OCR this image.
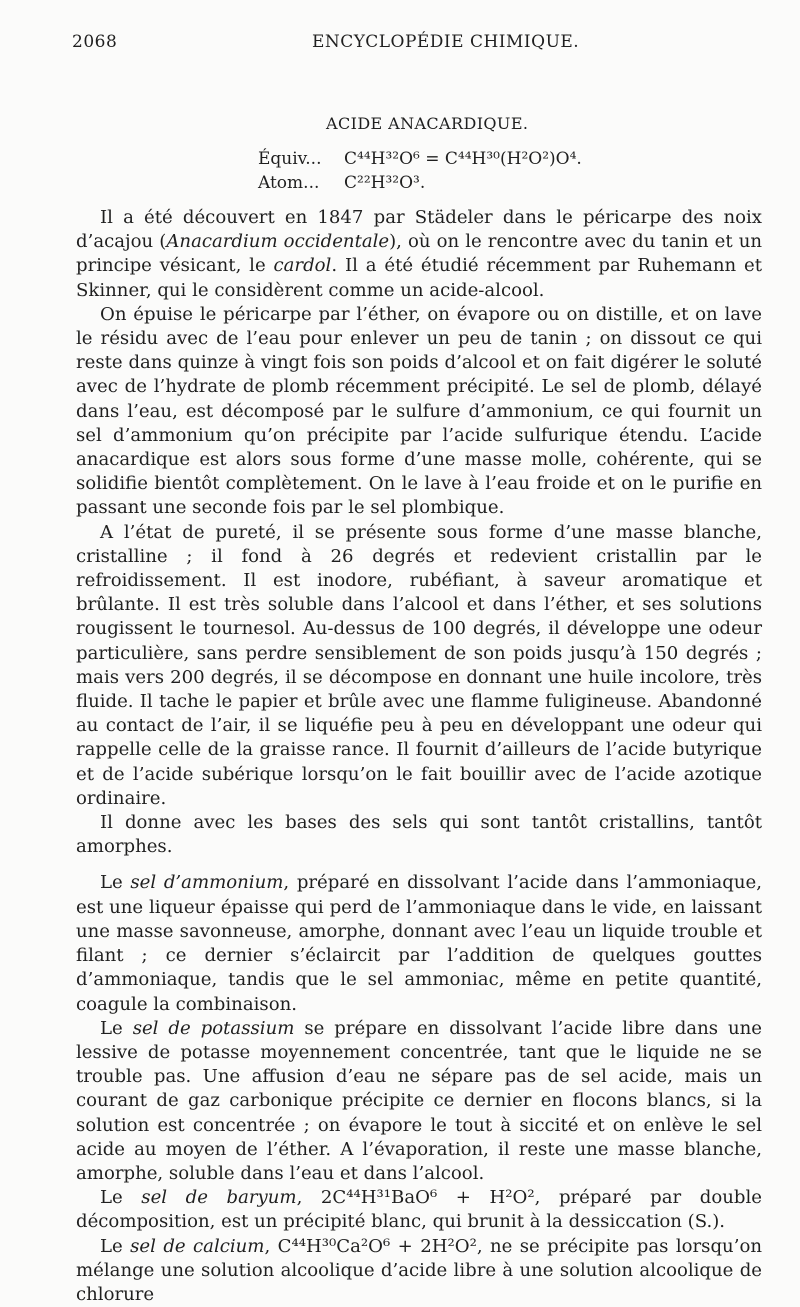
2068	ENCYCLOPÉDIE CHIMIQUE.
ACIDE ANACARDIQUE.
Équiv... C⁴⁴H³²O⁶ = C⁴⁴H³⁰(H²O²)O⁴.
Atom... C²²H³²O³.

Il a été découvert en 1847 par Städeler dans le péricarpe des noix d’acajou (Anacardium occidentale), où on le rencontre avec du tanin et un principe vésicant, le cardol. Il a été étudié récemment par Ruhemann et Skinner, qui le considèrent comme un acide-alcool.

On épuise le péricarpe par l’éther, on évapore ou on distille, et on lave le résidu avec de l’eau pour enlever un peu de tanin ; on dissout ce qui reste dans quinze à vingt fois son poids d’alcool et on fait digérer le soluté avec de l’hydrate de plomb récemment précipité. Le sel de plomb, délayé dans l’eau, est décomposé par le sulfure d’ammonium, ce qui fournit un sel d’ammonium qu’on précipite par l’acide sulfurique étendu. L’acide anacardique est alors sous forme d’une masse molle, cohérente, qui se solidifie bientôt complètement. On le lave à l’eau froide et on le purifie en passant une seconde fois par le sel plombique.

A l’état de pureté, il se présente sous forme d’une masse blanche, cristalline ; il fond à 26 degrés et redevient cristallin par le refroidissement. Il est inodore, rubéfiant, à saveur aromatique et brûlante. Il est très soluble dans l’alcool et dans l’éther, et ses solutions rougissent le tournesol. Au-dessus de 100 degrés, il développe une odeur particulière, sans perdre sensiblement de son poids jusqu’à 150 degrés ; mais vers 200 degrés, il se décompose en donnant une huile incolore, très fluide. Il tache le papier et brûle avec une flamme fuligineuse. Abandonné au contact de l’air, il se liquéfie peu à peu en développant une odeur qui rappelle celle de la graisse rance. Il fournit d’ailleurs de l’acide butyrique et de l’acide subérique lorsqu’on le fait bouillir avec de l’acide azotique ordinaire.

Il donne avec les bases des sels qui sont tantôt cristallins, tantôt amorphes.

Le sel d’ammonium, préparé en dissolvant l’acide dans l’ammoniaque, est une liqueur épaisse qui perd de l’ammoniaque dans le vide, en laissant une masse savonneuse, amorphe, donnant avec l’eau un liquide trouble et filant ; ce dernier s’éclaircit par l’addition de quelques gouttes d’ammoniaque, tandis que le sel ammoniac, même en petite quantité, coagule la combinaison.

Le sel de potassium se prépare en dissolvant l’acide libre dans une lessive de potasse moyennement concentrée, tant que le liquide ne se trouble pas. Une affusion d’eau ne sépare pas de sel acide, mais un courant de gaz carbonique précipite ce dernier en flocons blancs, si la solution est concentrée ; on évapore le tout à siccité et on enlève le sel acide au moyen de l’éther. A l’évaporation, il reste une masse blanche, amorphe, soluble dans l’eau et dans l’alcool.

Le sel de baryum, 2C⁴⁴H³¹BaO⁶ + H²O², préparé par double décomposition, est un précipité blanc, qui brunit à la dessiccation (S.).

Le sel de calcium, C⁴⁴H³⁰Ca²O⁶ + 2H²O², ne se précipite pas lorsqu’on mélange une solution alcoolique d’acide libre à une solution alcoolique de chlorure
